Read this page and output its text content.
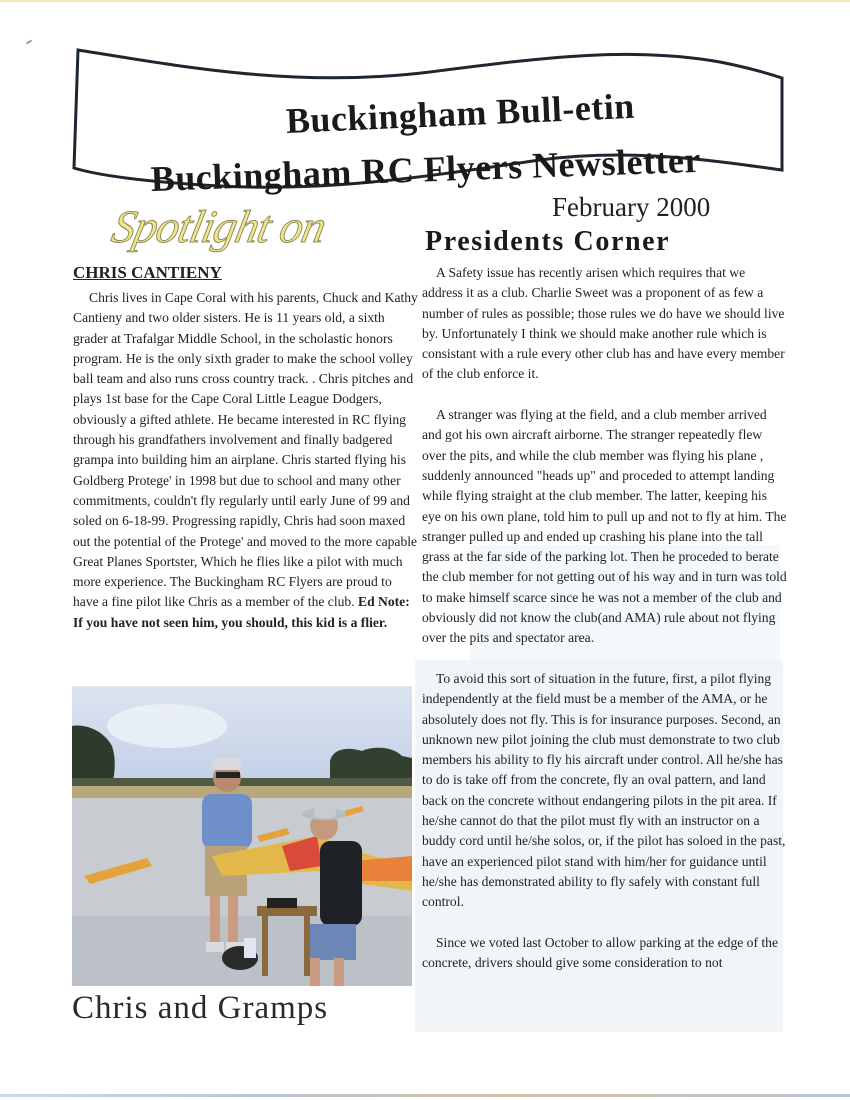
Buckingham Bull-etin
Buckingham RC Flyers Newsletter
February 2000
Presidents Corner
Spotlight on
CHRIS CANTIENY

Chris lives in Cape Coral with his parents, Chuck and Kathy Cantieny and two older sisters. He is 11 years old, a sixth grader at Trafalgar Middle School, in the scholastic honors program. He is the only sixth grader to make the school volley ball team and also runs cross country track. . Chris pitches and plays 1st base for the Cape Coral Little League Dodgers, obviously a gifted athlete. He became interested in RC flying through his grandfathers involvement and finally badgered grampa into building him an airplane. Chris started flying his Goldberg Protege' in 1998 but due to school and many other commitments, couldn't fly regularly until early June of 99 and soled on 6-18-99. Progressing rapidly, Chris had soon maxed out the potential of the Protege' and moved to the more capable Great Planes Sportster, Which he flies like a pilot with much more experience. The Buckingham RC Flyers are proud to have a fine pilot like Chris as a member of the club. Ed Note: If you have not seen him, you should, this kid is a flier.

Chris and Gramps

A Safety issue has recently arisen which requires that we address it as a club. Charlie Sweet was a proponent of as few a number of rules as possible; those rules we do have we should live by. Unfortunately I think we should make another rule which is consistant with a rule every other club has and have every member of the club enforce it.

A stranger was flying at the field, and a club member arrived and got his own aircraft airborne. The stranger repeatedly flew over the pits, and while the club member was flying his plane , suddenly announced "heads up" and proceded to attempt landing while flying straight at the club member. The latter, keeping his eye on his own plane, told him to pull up and not to fly at him. The stranger pulled up and ended up crashing his plane into the tall grass at the far side of the parking lot. Then he proceded to berate the club member for not getting out of his way and in turn was told to make himself scarce since he was not a member of the club and obviously did not know the club(and AMA) rule about not flying over the pits and spectator area.

To avoid this sort of situation in the future, first, a pilot flying independently at the field must be a member of the AMA, or he absolutely does not fly. This is for insurance purposes. Second, an unknown new pilot joining the club must demonstrate to two club members his ability to fly his aircraft under control. All he/she has to do is take off from the concrete, fly an oval pattern, and land back on the concrete without endangering pilots in the pit area. If he/she cannot do that the pilot must fly with an instructor on a buddy cord until he/she solos, or, if the pilot has soloed in the past, have an experienced pilot stand with him/her for guidance until he/she has demonstrated ability to fly safely with constant full control.

Since we voted last October to allow parking at the edge of the concrete, drivers should give some consideration to not
